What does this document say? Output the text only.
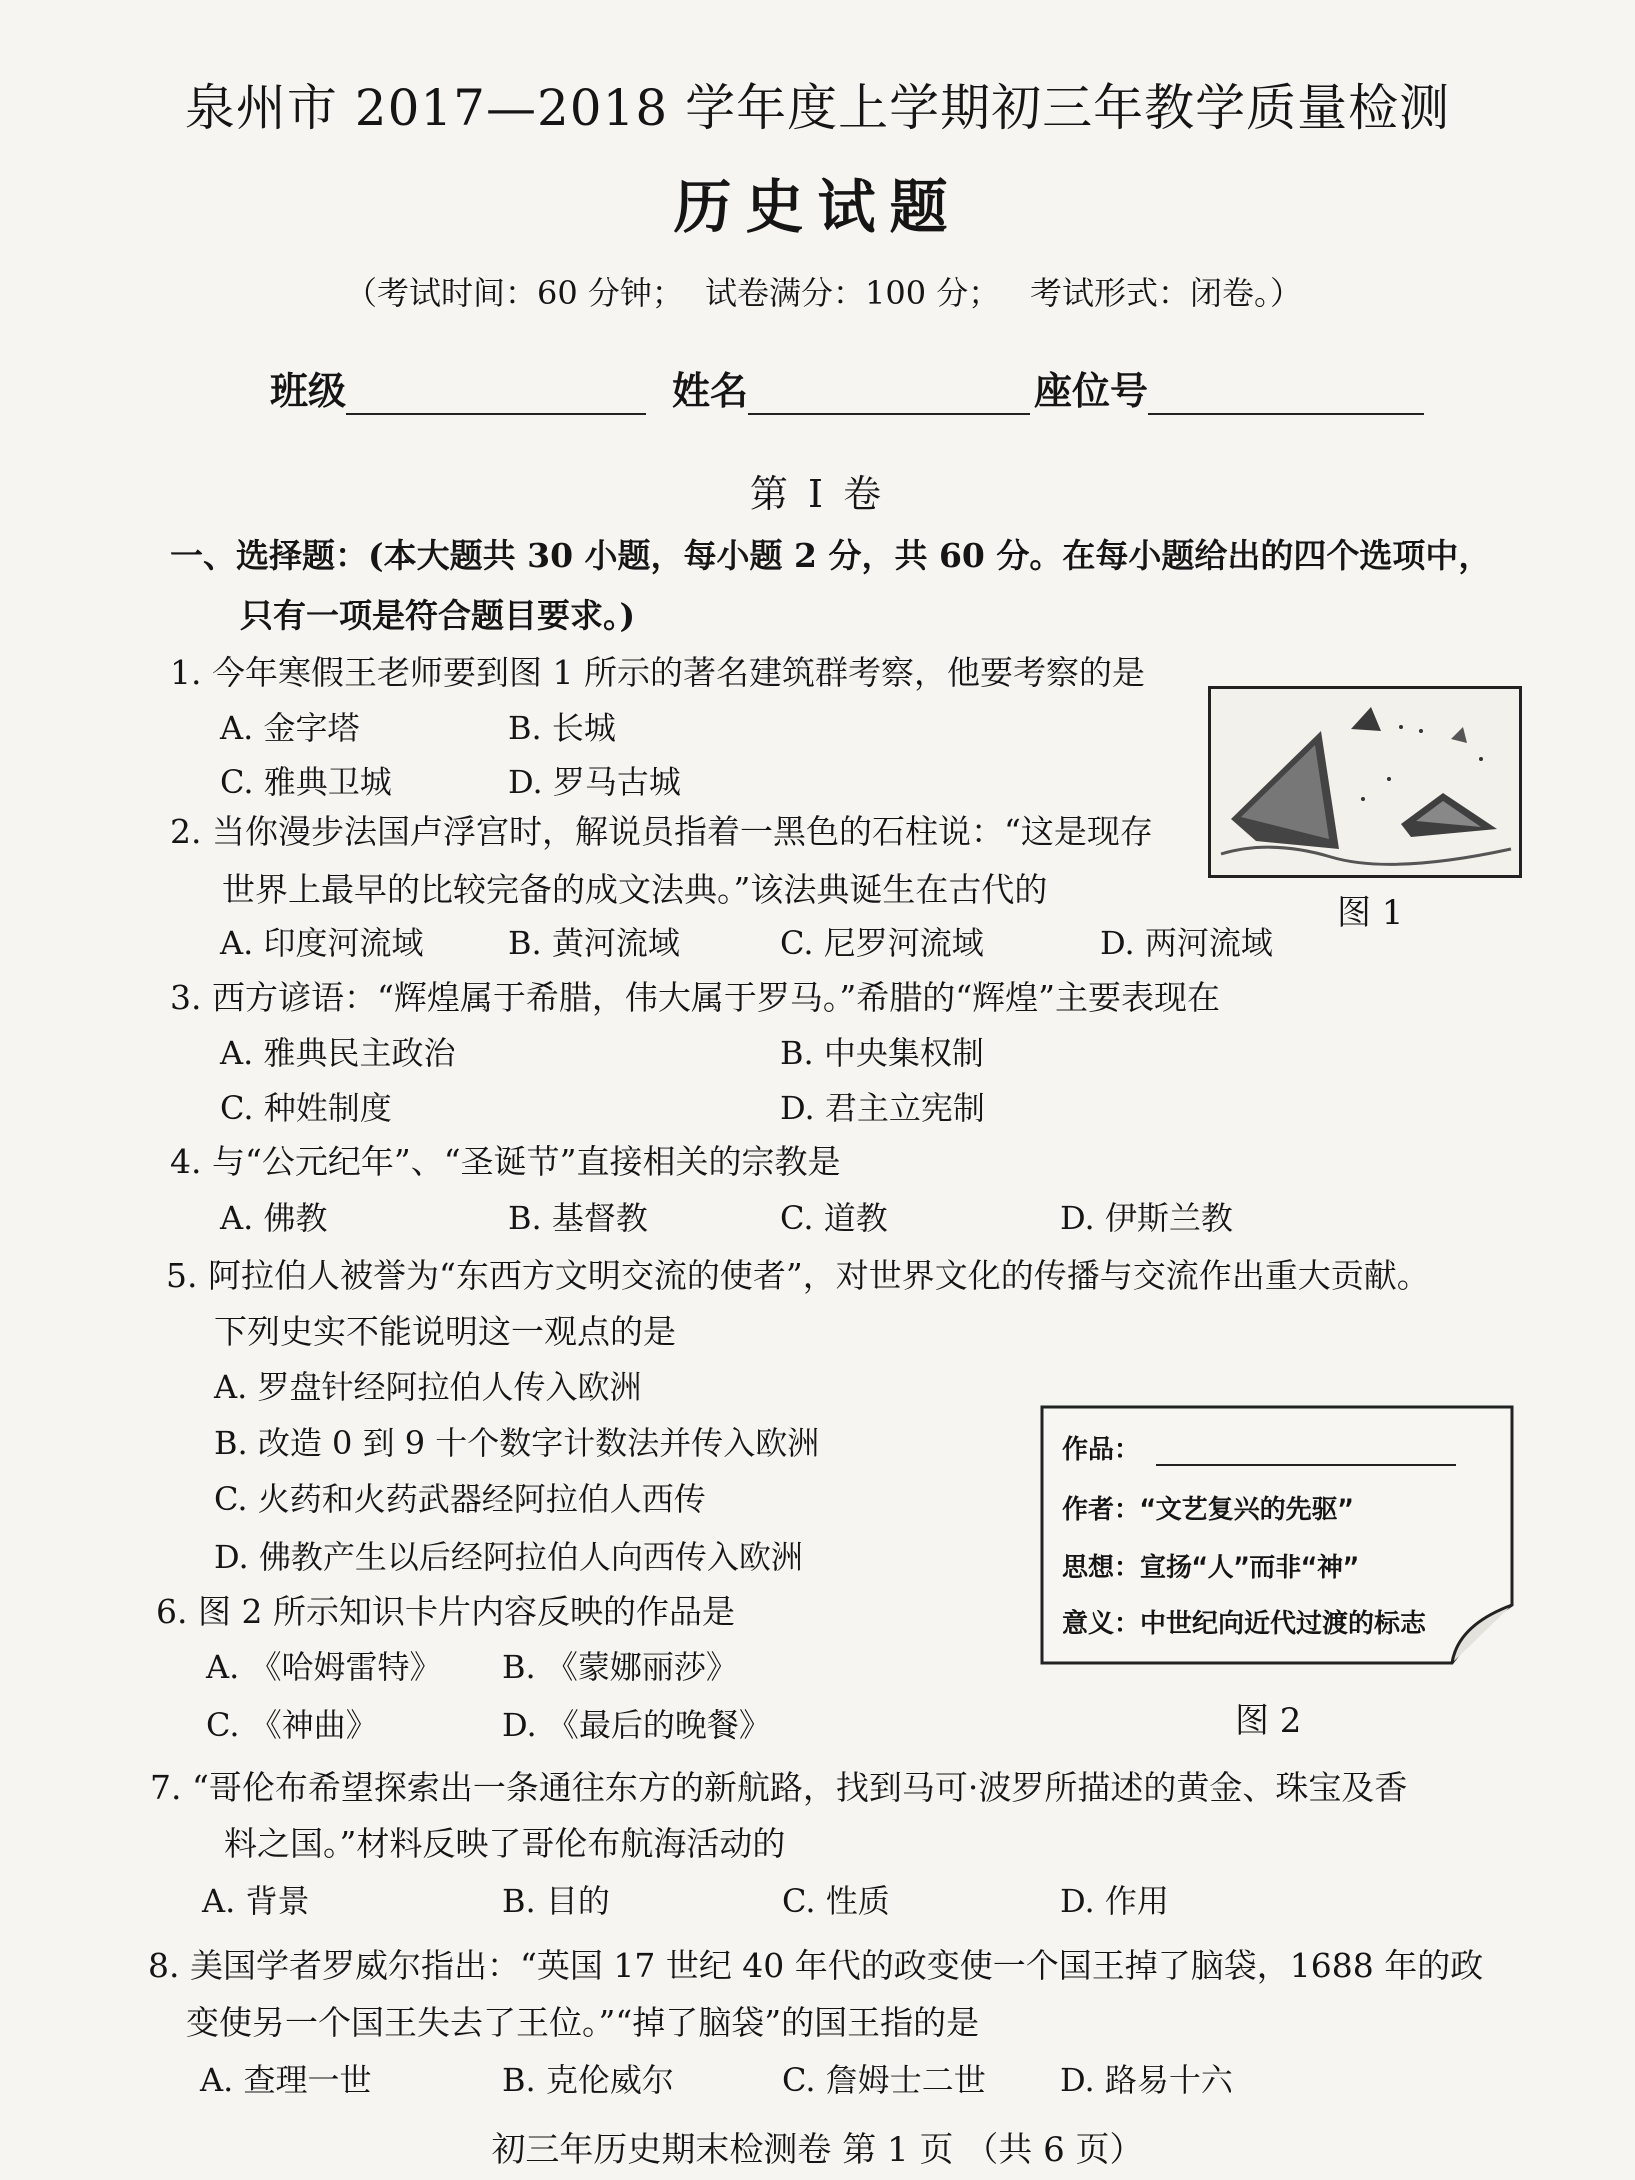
泉州市 2017—2018 学年度上学期初三年教学质量检测
历史试题
（考试时间：60 分钟； 试卷满分：100 分； 考试形式：闭卷。）
班级	姓名	座位号
第 I 卷
一、选择题：(本大题共 30 小题，每小题 2 分，共 60 分。在每小题给出的四个选项中，
只有一项是符合题目要求。)
1. 今年寒假王老师要到图 1 所示的著名建筑群考察，他要考察的是
A. 金字塔	B. 长城
C. 雅典卫城	D. 罗马古城
图 1
2. 当你漫步法国卢浮宫时，解说员指着一黑色的石柱说：“这是现存
世界上最早的比较完备的成文法典。”该法典诞生在古代的
A. 印度河流域	B. 黄河流域	C. 尼罗河流域	D. 两河流域
3. 西方谚语：“辉煌属于希腊，伟大属于罗马。”希腊的“辉煌”主要表现在
A. 雅典民主政治	B. 中央集权制
C. 种姓制度	D. 君主立宪制
4. 与“公元纪年”、“圣诞节”直接相关的宗教是
A. 佛教	B. 基督教	C. 道教	D. 伊斯兰教
5. 阿拉伯人被誉为“东西方文明交流的使者”，对世界文化的传播与交流作出重大贡献。
下列史实不能说明这一观点的是
A. 罗盘针经阿拉伯人传入欧洲
B. 改造 0 到 9 十个数字计数法并传入欧洲
C. 火药和火药武器经阿拉伯人西传
D. 佛教产生以后经阿拉伯人向西传入欧洲
作品：
作者：“文艺复兴的先驱”
思想：宣扬“人”而非“神”
意义：中世纪向近代过渡的标志
图 2
6. 图 2 所示知识卡片内容反映的作品是
A. 《哈姆雷特》 B. 《蒙娜丽莎》
C. 《神曲》	D. 《最后的晚餐》
7. “哥伦布希望探索出一条通往东方的新航路，找到马可·波罗所描述的黄金、珠宝及香
料之国。”材料反映了哥伦布航海活动的
A. 背景	B. 目的	C. 性质	D. 作用
8. 美国学者罗威尔指出：“英国 17 世纪 40 年代的政变使一个国王掉了脑袋，1688 年的政
变使另一个国王失去了王位。”“掉了脑袋”的国王指的是
A. 查理一世	B. 克伦威尔	C. 詹姆士二世 D. 路易十六
初三年历史期末检测卷 第 1 页 （共 6 页）
